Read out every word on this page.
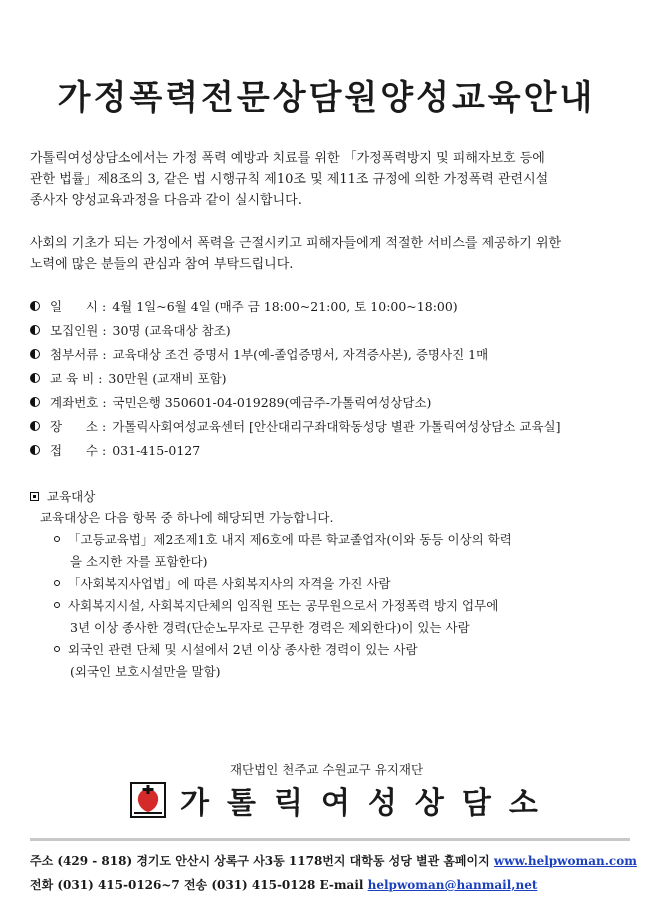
가정폭력전문상담원양성교육안내
가톨릭여성상담소에서는 가정 폭력 예방과 치료를 위한 「가정폭력방지 및 피해자보호 등에
관한 법률」제8조의 3, 같은 법 시행규칙 제10조 및 제11조 규정에 의한 가정폭력 관련시설
종사자 양성교육과정을 다음과 같이 실시합니다.
사회의 기초가 되는 가정에서 폭력을 근절시키고 피해자들에게 적절한 서비스를 제공하기 위한
노력에 많은 분들의 관심과 참여 부탁드립니다.
일      시 : 4월 1일~6월 4일 (매주 금 18:00~21:00, 토 10:00~18:00)
모집인원 : 30명 (교육대상 참조)
첨부서류 : 교육대상 조건 증명서 1부(예-졸업증명서, 자격증사본), 증명사진 1매
교 육 비 : 30만원 (교재비 포함)
계좌번호 : 국민은행 350601-04-019289(예금주-가톨릭여성상담소)
장      소 : 가톨릭사회여성교육센터 [안산대리구좌대학동성당 별관 가톨릭여성상담소 교육실]
접      수 : 031-415-0127
교육대상
교육대상은 다음 항목 중 하나에 해당되면 가능합니다.
「고등교육법」제2조제1호 내지 제6호에 따른 학교졸업자(이와 동등 이상의 학력
을 소지한 자를 포함한다)
「사회복지사업법」에 따른 사회복지사의 자격을 가진 사람
사회복지시설, 사회복지단체의 임직원 또는 공무원으로서 가정폭력 방지 업무에
3년 이상 종사한 경력(단순노무자로 근무한 경력은 제외한다)이 있는 사람
외국인 관련 단체 및 시설에서 2년 이상 종사한 경력이 있는 사람
(외국인 보호시설만을 말함)
재단법인 천주교 수원교구 유지재단
가톨릭여성상담소
주소 (429 - 818) 경기도 안산시 상록구 사3동 1178번지 대학동 성당 별관 홈페이지 www.helpwoman.com
전화 (031) 415-0126~7 전송 (031) 415-0128 E-mail helpwoman@hanmail,net
